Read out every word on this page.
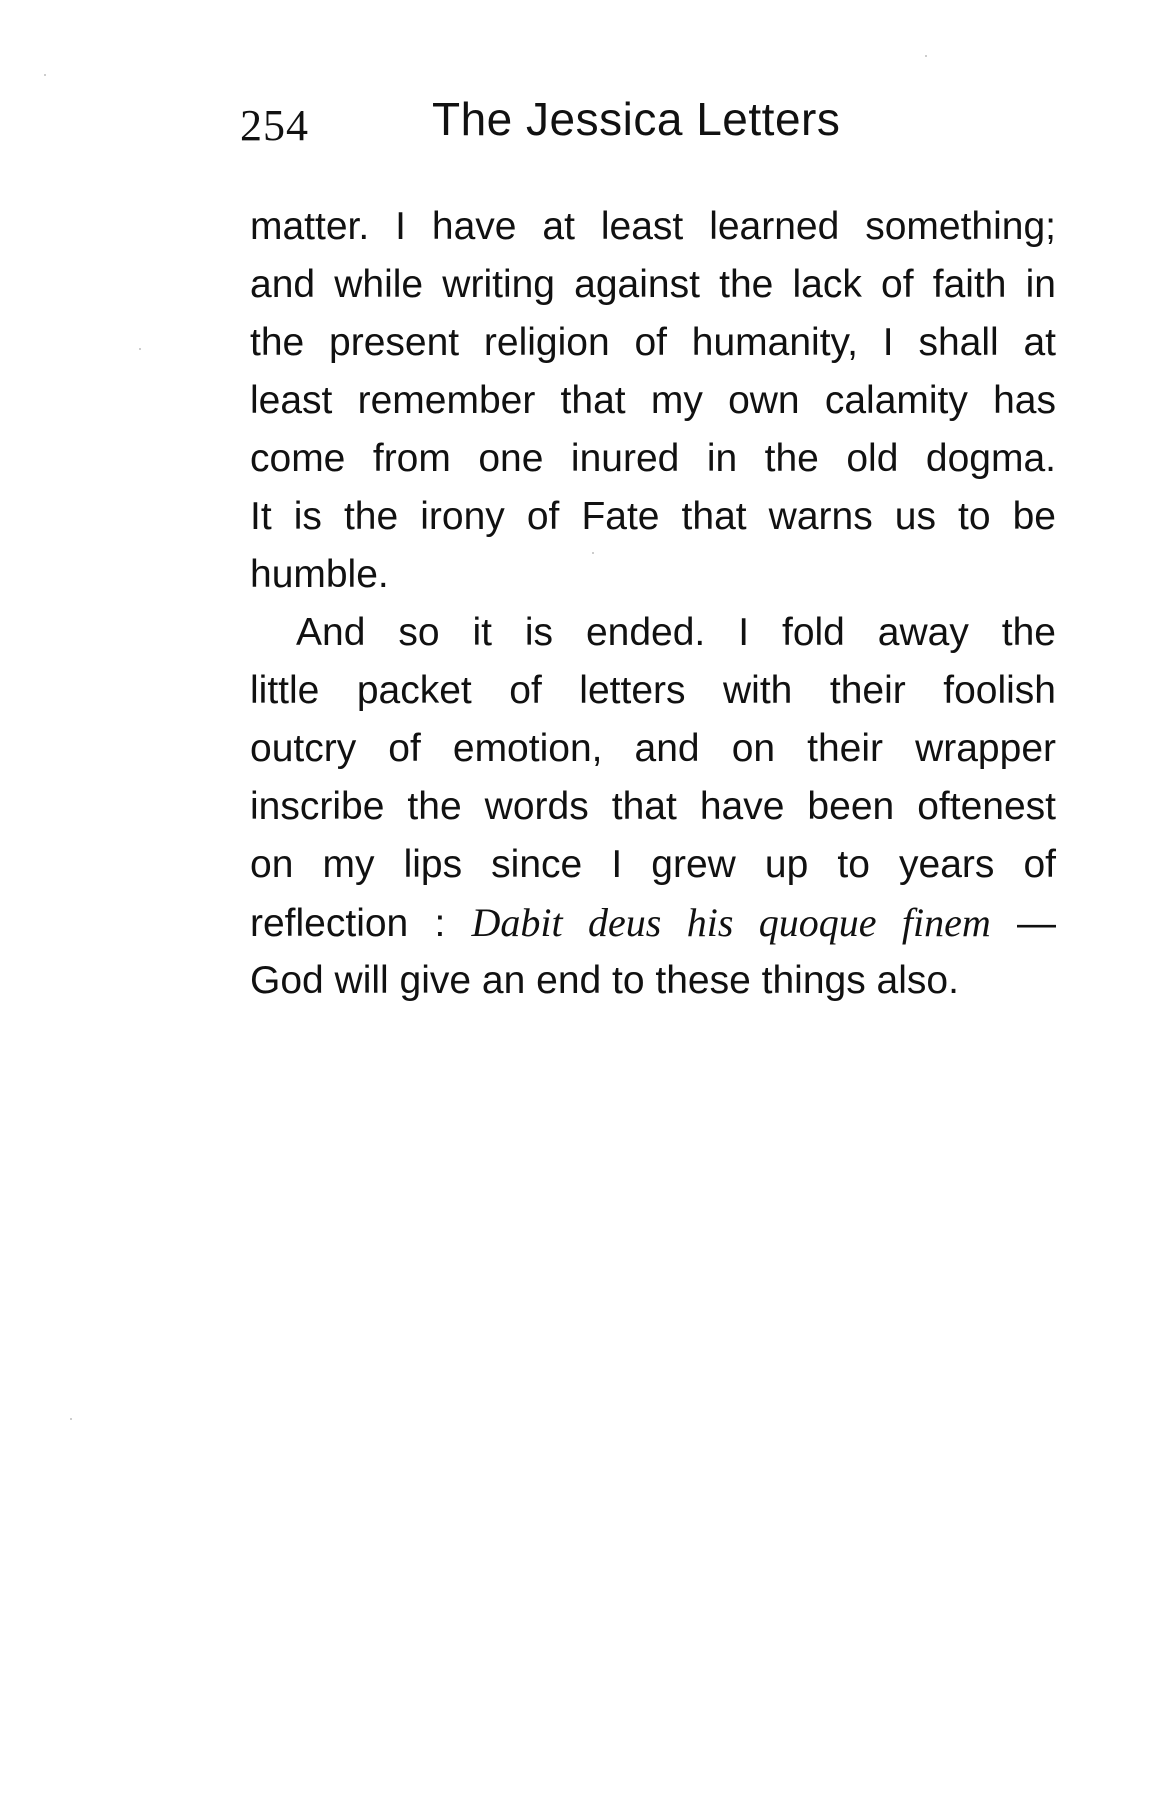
254	The Jessica Letters
matter. I have at least learned something;
and while writing against the lack of faith in
the present religion of humanity, I shall at
least remember that my own calamity has
come from one inured in the old dogma.
It is the irony of Fate that warns us to be
humble.
And so it is ended. I fold away the
little packet of letters with their foolish
outcry of emotion, and on their wrapper
inscribe the words that have been oftenest
on my lips since I grew up to years of
reflection : Dabit deus his quoque finem —
God will give an end to these things also.
